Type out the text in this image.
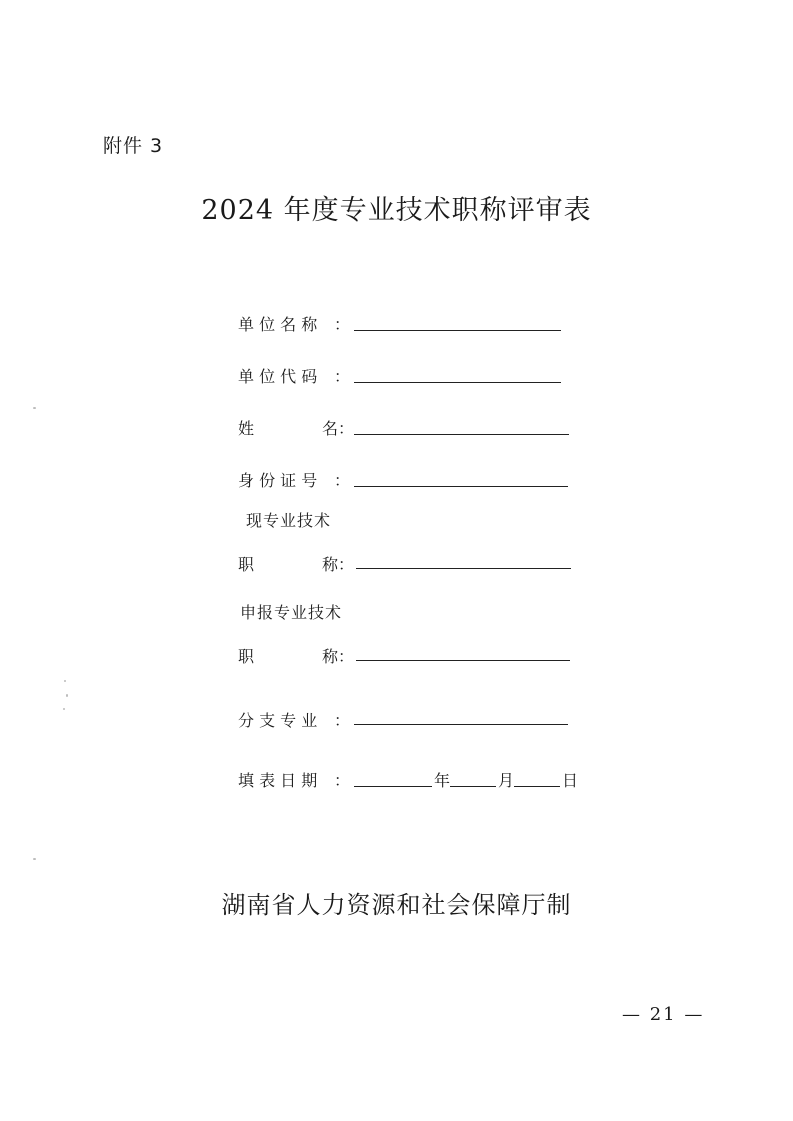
附件 3
2024 年度专业技术职称评审表
单 位 名 称 ：
单 位 代 码 ：
姓	名 ：
身 份 证 号 ：
现专业技术
职	称 ：
申报专业技术
职	称 ：
分 支 专 业 ：
填 表 日 期 ：	年	月	日
湖南省人力资源和社会保障厅制
— 21 —
